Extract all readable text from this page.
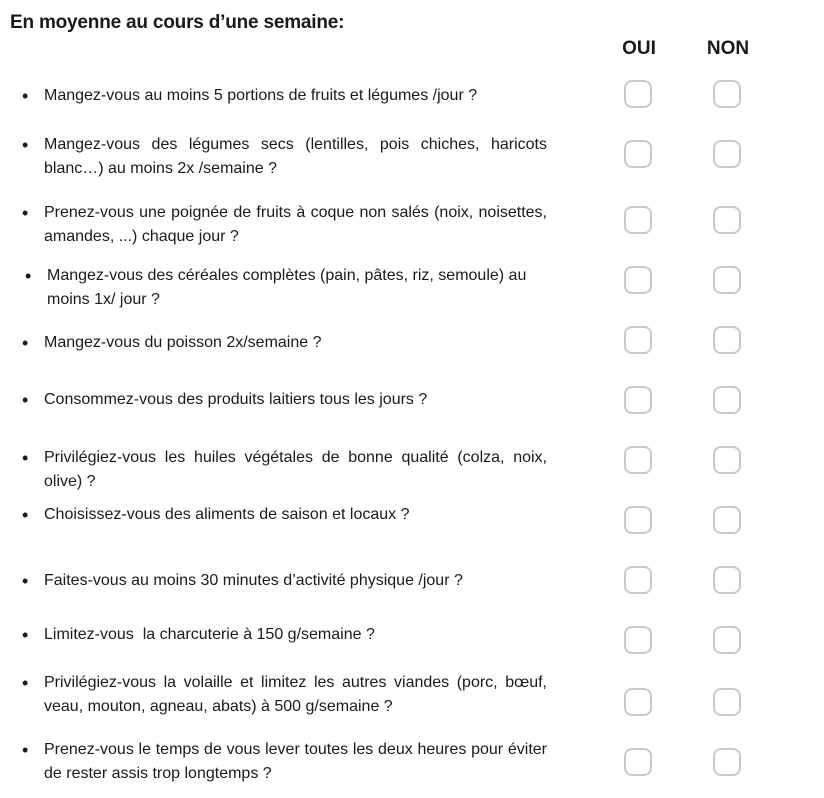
En moyenne au cours d’une semaine:
OUI	NON
• Mangez-vous au moins 5 portions de fruits et légumes /jour ?
• Mangez-vous des légumes secs (lentilles, pois chiches, haricots blanc…) au moins 2x /semaine ?
• Prenez-vous une poignée de fruits à coque non salés (noix, noisettes, amandes, ...) chaque jour ?
• Mangez-vous des céréales complètes (pain, pâtes, riz, semoule) au moins 1x/ jour ?
• Mangez-vous du poisson 2x/semaine ?
• Consommez-vous des produits laitiers tous les jours ?
• Privilégiez-vous les huiles végétales de bonne qualité (colza, noix, olive) ?
• Choisissez-vous des aliments de saison et locaux ?
• Faites-vous au moins 30 minutes d’activité physique /jour ?
• Limitez-vous  la charcuterie à 150 g/semaine ?
• Privilégiez-vous la volaille et limitez les autres viandes (porc, bœuf, veau, mouton, agneau, abats) à 500 g/semaine ?
• Prenez-vous le temps de vous lever toutes les deux heures pour éviter de rester assis trop longtemps ?
